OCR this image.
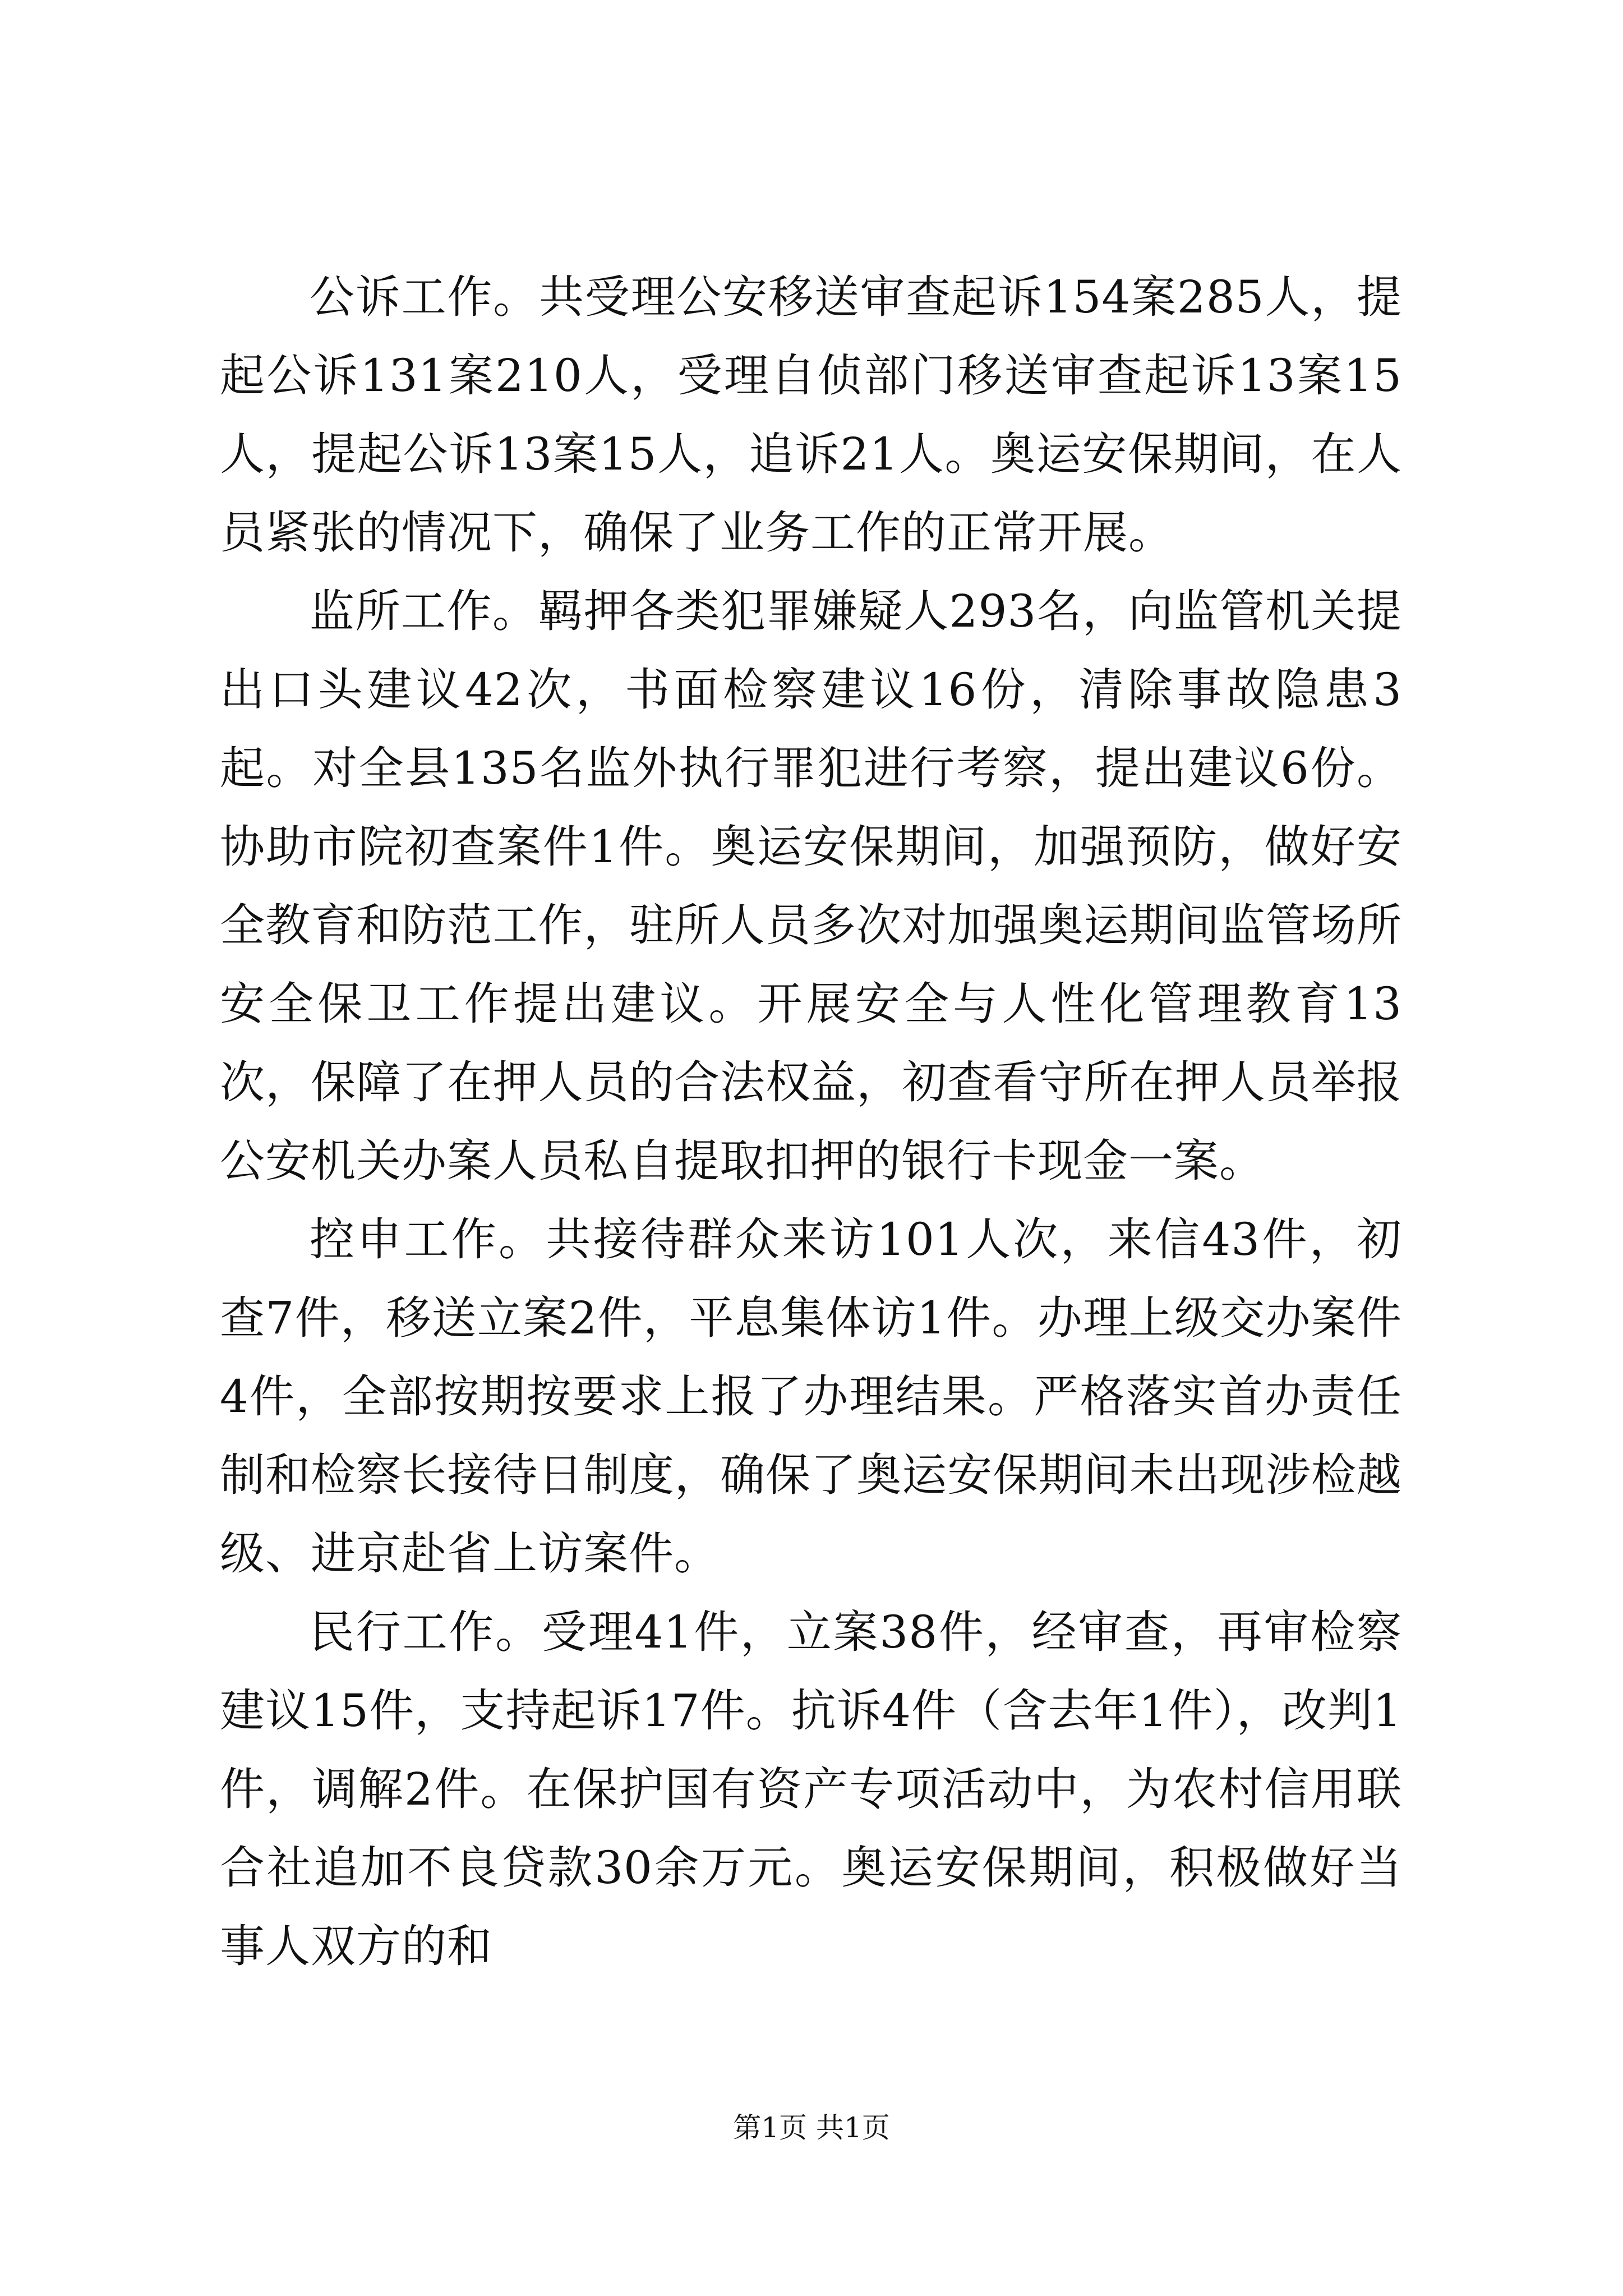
公诉工作。共受理公安移送审查起诉154案285人，提起公诉131案210人，受理自侦部门移送审查起诉13案15人，提起公诉13案15人，追诉21人。奥运安保期间，在人员紧张的情况下，确保了业务工作的正常开展。

监所工作。羁押各类犯罪嫌疑人293名，向监管机关提出口头建议42次，书面检察建议16份，清除事故隐患3起。对全县135名监外执行罪犯进行考察，提出建议6份。协助市院初查案件1件。奥运安保期间，加强预防，做好安全教育和防范工作，驻所人员多次对加强奥运期间监管场所安全保卫工作提出建议。开展安全与人性化管理教育13次，保障了在押人员的合法权益，初查看守所在押人员举报公安机关办案人员私自提取扣押的银行卡现金一案。

控申工作。共接待群众来访101人次，来信43件，初查7件，移送立案2件，平息集体访1件。办理上级交办案件4件，全部按期按要求上报了办理结果。严格落实首办责任制和检察长接待日制度，确保了奥运安保期间未出现涉检越级、进京赴省上访案件。

民行工作。受理41件，立案38件，经审查，再审检察建议15件，支持起诉17件。抗诉4件（含去年1件），改判1件，调解2件。在保护国有资产专项活动中，为农村信用联合社追加不良贷款30余万元。奥运安保期间，积极做好当事人双方的和

第1页 共1页
